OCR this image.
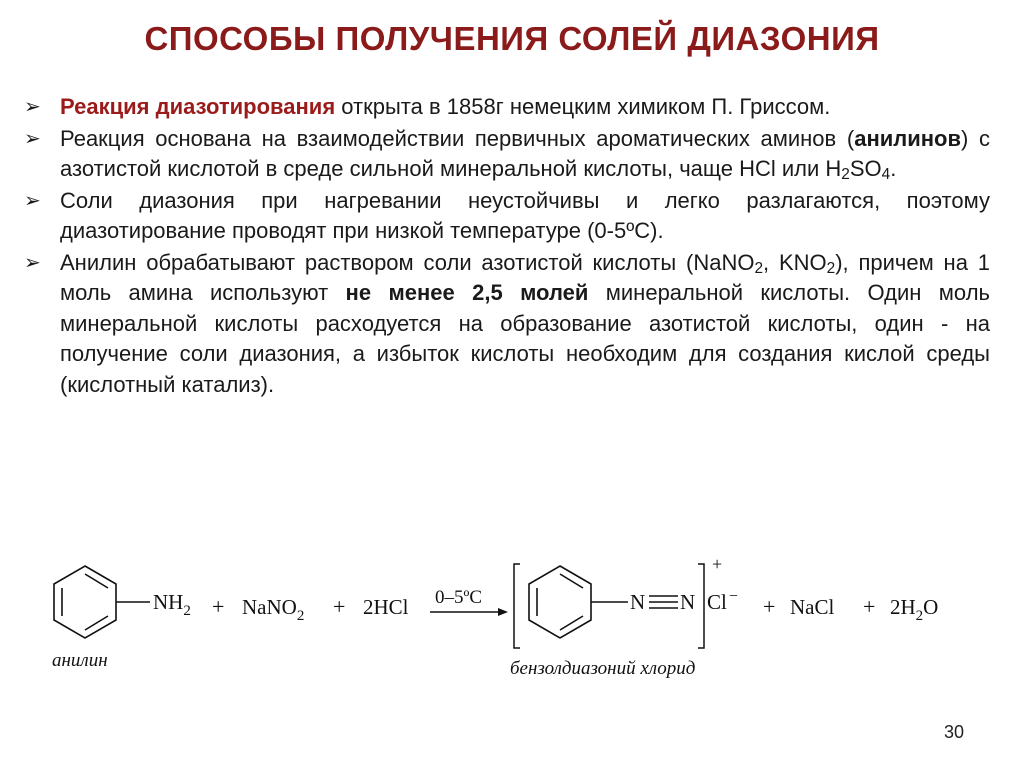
СПОСОБЫ ПОЛУЧЕНИЯ СОЛЕЙ ДИАЗОНИЯ
➢ Реакция диазотирования открыта в 1858г немецким химиком П. Гриссом.
➢ Реакция основана на взаимодействии первичных ароматических аминов (анилинов) с азотистой кислотой в среде сильной минеральной кислоты, чаще HCl или $H_2SO_4$.
➢ Соли диазония при нагревании неустойчивы и легко разлагаются, поэтому диазотирование проводят при низкой температуре (0-5ºС).
➢ Анилин обрабатывают раствором соли азотистой кислоты (NaNO$_2$, $KNO_2$), причем на 1 моль амина используют не менее 2,5 молей минеральной кислоты. Один моль минеральной кислоты расходуется на образование азотистой кислоты, один - на получение соли диазония, а избыток кислоты необходим для создания кислой среды (кислотный катализ).
$NH_2$ + NaNO$_2$ + 2HCl 0–5ºC	N N Cl −
+
+ NaCl + $2H_2O$
анилин	бензолдиазоний хлорид
30
